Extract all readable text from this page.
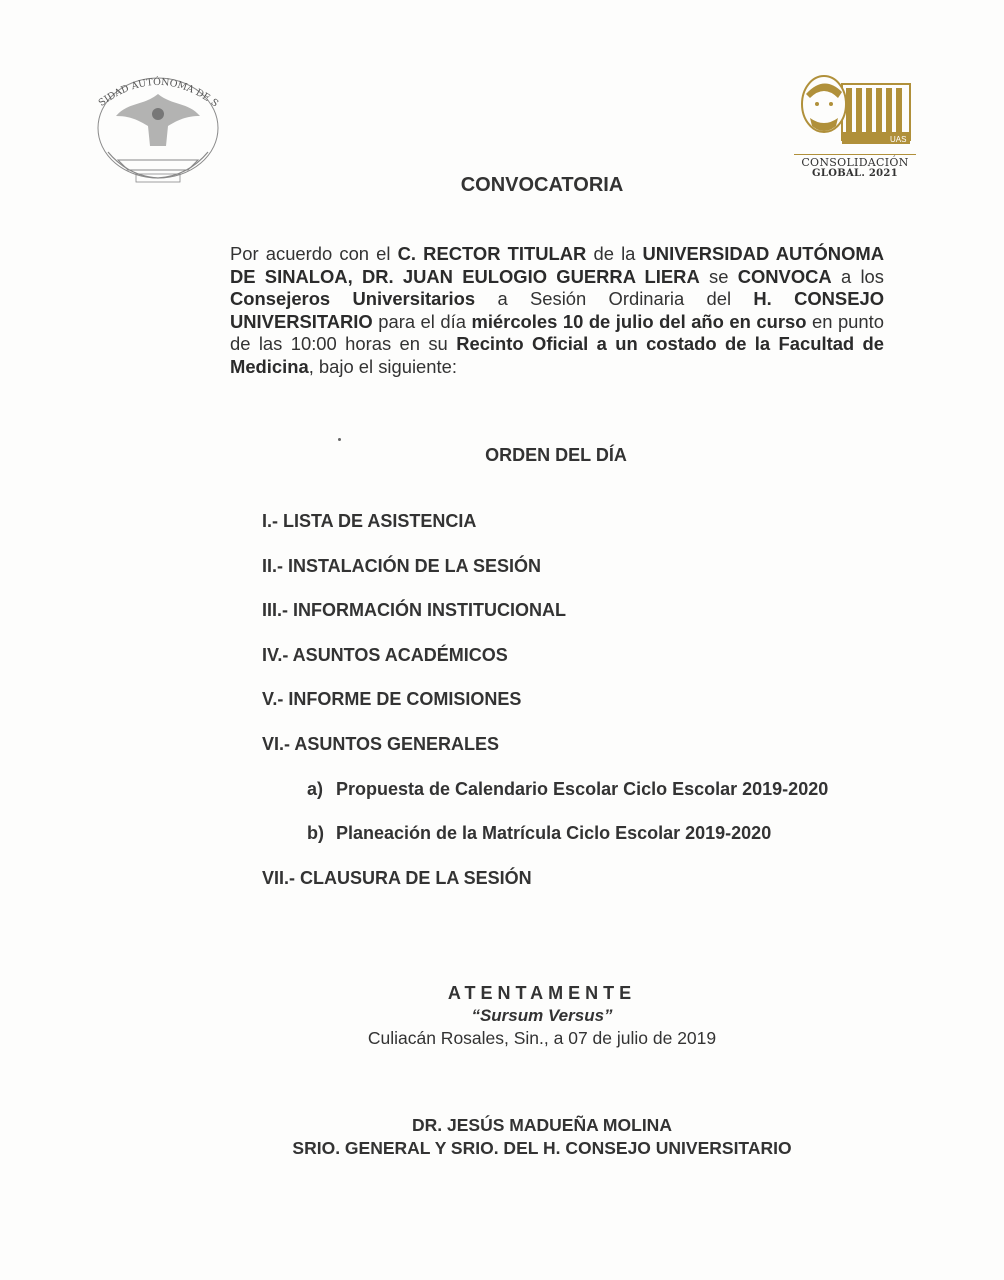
SIDAD AUTÓNOMA DE S
UAS
CONSOLIDACIÓN
GLOBAL. 2021
CONVOCATORIA
Por acuerdo con el C. RECTOR TITULAR de la UNIVERSIDAD AUTÓNOMA DE SINALOA, DR. JUAN EULOGIO GUERRA LIERA se CONVOCA a los Consejeros Universitarios a Sesión Ordinaria del H. CONSEJO UNIVERSITARIO para el día miércoles 10 de julio del año en curso en punto de las 10:00 horas en su Recinto Oficial a un costado de la Facultad de Medicina, bajo el siguiente:
ORDEN DEL DÍA
I.- LISTA DE ASISTENCIA
II.- INSTALACIÓN DE LA SESIÓN
III.- INFORMACIÓN INSTITUCIONAL
IV.- ASUNTOS ACADÉMICOS
V.- INFORME DE COMISIONES
VI.- ASUNTOS GENERALES
a) Propuesta de Calendario Escolar Ciclo Escolar 2019-2020
b) Planeación de la Matrícula Ciclo Escolar 2019-2020
VII.- CLAUSURA DE LA SESIÓN
ATENTAMENTE
“Sursum Versus”
Culiacán Rosales, Sin., a 07 de julio de 2019
DR. JESÚS MADUEÑA MOLINA
SRIO. GENERAL Y SRIO. DEL H. CONSEJO UNIVERSITARIO
